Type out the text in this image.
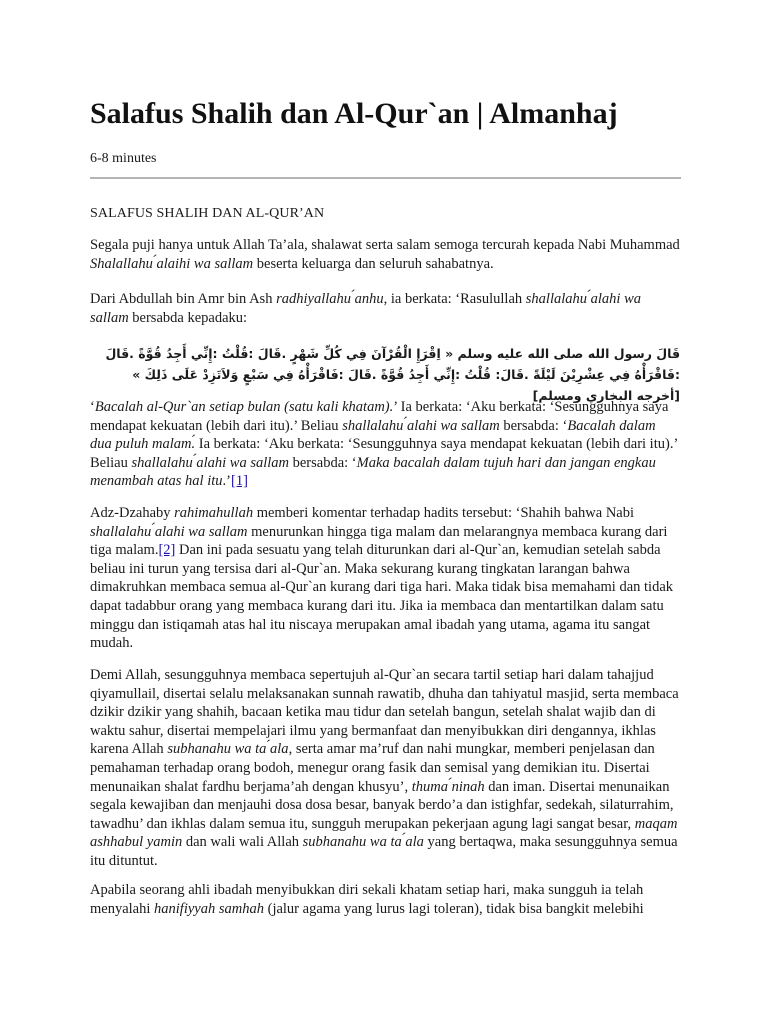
Salafus Shalih dan Al-Qur`an | Almanhaj
6-8 minutes

SALAFUS SHALIH DAN AL-QUR’AN

Segala puji hanya untuk Allah Ta’ala, shalawat serta salam semoga tercurah kepada Nabi Muhammad Shalallahu ́alaihi wa sallam beserta keluarga dan seluruh sahabatnya.

Dari Abdullah bin Amr bin Ash radhiyallahu ́anhu, ia berkata: ‘Rasulullah shallalahu ́alahi wa sallam bersabda kepadaku:

قَالَ رسول الله صلى الله عليه وسلم « اِقْرَإِ الْقُرْآنَ فِي كُلِّ شَهْرٍ .قَالَ :قُلْتُ :إِنِّي أَجِدُ قُوَّةً .قَالَ :فَاقْرَأْهُ فِي عِشْرِيْنَ لَيْلَةً .قَالَ: قُلْتُ :إِنِّي أَجِدُ قُوَّةً .قَالَ :فَاقْرَأْهُ فِي سَبْعٍ وَلاَتَزِدْ عَلَى ذَلِكَ » [أخرجه البخاري ومسلم]

‘Bacalah al-Qur`an setiap bulan (satu kali khatam).’ Ia berkata: ‘Aku berkata: ‘Sesungguhnya saya mendapat kekuatan (lebih dari itu).’ Beliau shallalahu ́alahi wa sallam bersabda: ‘Bacalah dalam dua puluh malam.́ Ia berkata: ‘Aku berkata: ‘Sesungguhnya saya mendapat kekuatan (lebih dari itu).’ Beliau shallalahu ́alahi wa sallam bersabda: ‘Maka bacalah dalam tujuh hari dan jangan engkau menambah atas hal itu.’[1]

Adz-Dzahaby rahimahullah memberi komentar terhadap hadits tersebut: ‘Shahih bahwa Nabi shallalahu ́alahi wa sallam menurunkan hingga tiga malam dan melarangnya membaca kurang dari tiga malam.[2] Dan ini pada sesuatu yang telah diturunkan dari al-Qur`an, kemudian setelah sabda beliau ini turun yang tersisa dari al-Qur`an. Maka sekurang kurang tingkatan larangan bahwa dimakruhkan membaca semua al-Qur`an kurang dari tiga hari. Maka tidak bisa memahami dan tidak dapat tadabbur orang yang membaca kurang dari itu. Jika ia membaca dan mentartilkan dalam satu minggu dan istiqamah atas hal itu niscaya merupakan amal ibadah yang utama, agama itu sangat mudah.

Demi Allah, sesungguhnya membaca sepertujuh al-Qur`an secara tartil setiap hari dalam tahajjud qiyamullail, disertai selalu melaksanakan sunnah rawatib, dhuha dan tahiyatul masjid, serta membaca dzikir dzikir yang shahih, bacaan ketika mau tidur dan setelah bangun, setelah shalat wajib dan di waktu sahur, disertai mempelajari ilmu yang bermanfaat dan menyibukkan diri dengannya, ikhlas karena Allah subhanahu wa ta ́ala, serta amar ma’ruf dan nahi mungkar, memberi penjelasan dan pemahaman terhadap orang bodoh, menegur orang fasik dan semisal yang demikian itu. Disertai menunaikan shalat fardhu berjama’ah dengan khusyu’, thuma ́ninah dan iman. Disertai menunaikan segala kewajiban dan menjauhi dosa dosa besar, banyak berdo’a dan istighfar, sedekah, silaturrahim, tawadhu’ dan ikhlas dalam semua itu, sungguh merupakan pekerjaan agung lagi sangat besar, maqam ashhabul yamin dan wali wali Allah subhanahu wa ta ́ala yang bertaqwa, maka sesungguhnya semua itu dituntut.

Apabila seorang ahli ibadah menyibukkan diri sekali khatam setiap hari, maka sungguh ia telah menyalahi hanifiyyah samhah (jalur agama yang lurus lagi toleran), tidak bisa bangkit melebihi
